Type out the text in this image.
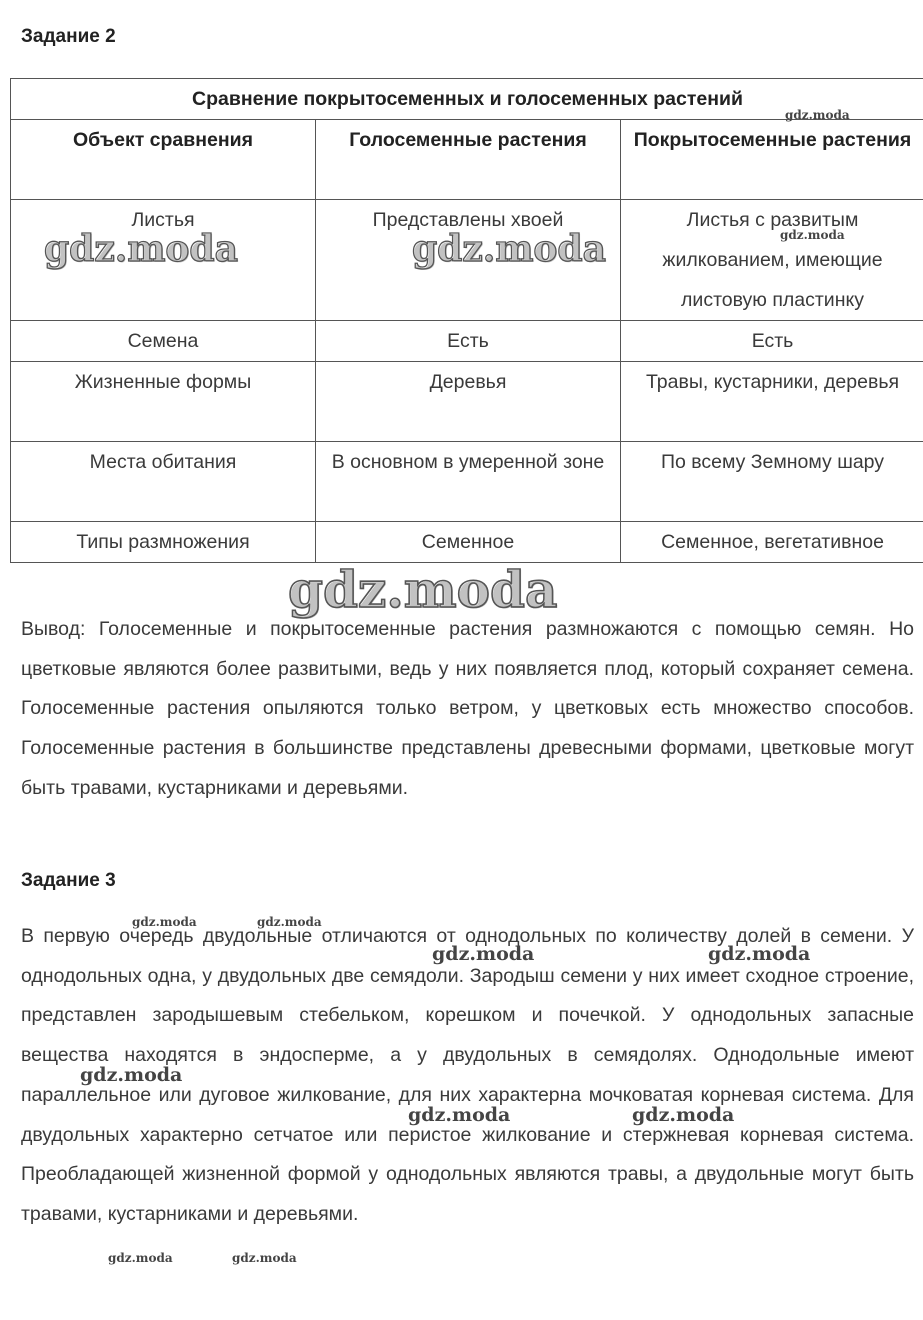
Задание 2
Сравнение покрытосеменных и голосеменных растений		
Объект сравнения	Голосеменные растения	Покрытосеменные растения
Листья	Представлены хвоей	Листья с развитым жилкованием, имеющие листовую пластинку
Семена	Есть	Есть
Жизненные формы	Деревья	Травы, кустарники, деревья
Места обитания	В основном в умеренной зоне	По всему Земному шару
Типы размножения	Семенное	Семенное, вегетативное

Вывод: Голосеменные и покрытосеменные растения размножаются с помощью семян. Но цветковые являются более развитыми, ведь у них появляется плод, который сохраняет семена. Голосеменные растения опыляются только ветром, у цветковых есть множество способов. Голосеменные растения в большинстве представлены древесными формами, цветковые могут быть травами, кустарниками и деревьями.

Задание 3

В первую очередь двудольные отличаются от однодольных по количеству долей в семени. У однодольных одна, у двудольных две семядоли. Зародыш семени у них имеет сходное строение, представлен зародышевым стебельком, корешком и почечкой. У однодольных запасные вещества находятся в эндосперме, а у двудольных в семядолях. Однодольные имеют параллельное или дуговое жилкование, для них характерна мочковатая корневая система. Для двудольных характерно сетчатое или перистое жилкование и стержневая корневая система. Преобладающей жизненной формой у однодольных являются травы, а двудольные могут быть травами, кустарниками и деревьями.

gdz.moda	gdz.moda
gdz.moda
gdz.moda
gdz.moda
gdz.moda	gdz.moda
gdz.moda	gdz.moda
gdz.moda
gdz.moda	gdz.moda
gdz.moda	gdz.moda
